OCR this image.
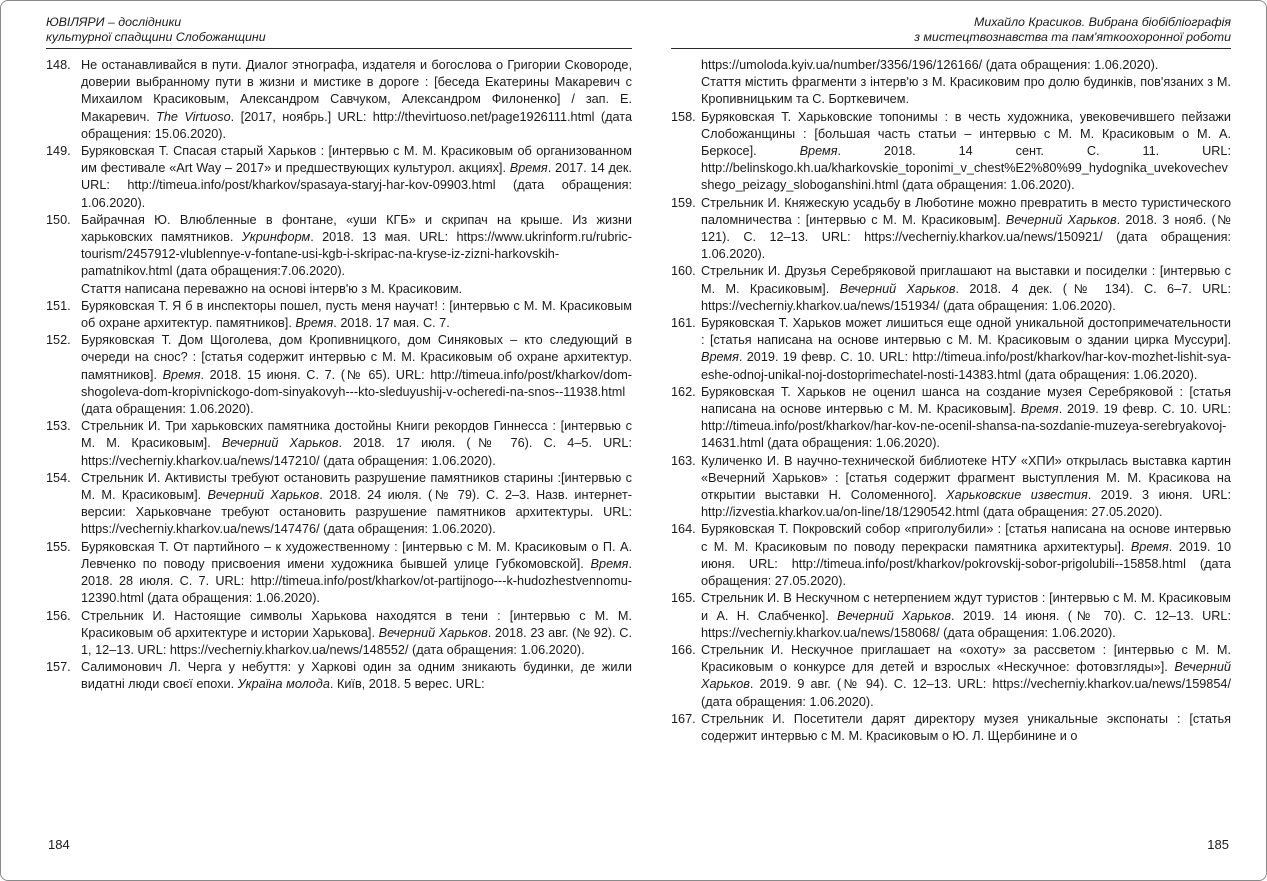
ЮВІЛЯРИ – дослідники
культурної спадщини Слобожанщини
148. Не останавливайся в пути. Диалог этнографа, издателя и богослова о Григории Сковороде, доверии выбранному пути в жизни и мистике в дороге : [беседа Екатерины Макаревич с Михаилом Красиковым, Александром Савчуком, Александром Филоненко] / зап. Е. Макаревич. The Virtuoso. [2017, ноябрь.] URL: http://thevirtuoso.net/page1926111.html (дата обращения: 15.06.2020).
149. Буряковская Т. Спасая старый Харьков : [интервью с М. М. Красиковым об организованном им фестивале «Art Way – 2017» и предшествующих культурол. акциях]. Время. 2017. 14 дек. URL: http://timeua.info/post/kharkov/spasaya-staryj-har-kov-09903.html (дата обращения: 1.06.2020).
150. Байрачная Ю. Влюбленные в фонтане, «уши КГБ» и скрипач на крыше. Из жизни харьковских памятников. Укринформ. 2018. 13 мая. URL: https://www.ukrinform.ru/rubric-tourism/2457912-vlublennye-v-fontane-usi-kgb-i-skripac-na-kryse-iz-zizni-harkovskih-pamatnikov.html (дата обращения:7.06.2020).
Стаття написана переважно на основі інтерв'ю з М. Красиковим.
151. Буряковская Т. Я б в инспекторы пошел, пусть меня научат! : [интервью с М. М. Красиковым об охране архитектур. памятников]. Время. 2018. 17 мая. С. 7.
152. Буряковская Т. Дом Щоголева, дом Кропивницкого, дом Синяковых – кто следующий в очереди на снос? : [статья содержит интервью с М. М. Красиковым об охране архитектур. памятников]. Время. 2018. 15 июня. С. 7. (№ 65). URL: http://timeua.info/post/kharkov/dom-shogoleva-dom-kropivnickogo-dom-sinyakovyh---kto-sleduyushij-v-ocheredi-na-snos--11938.html (дата обращения: 1.06.2020).
153. Стрельник И. Три харьковских памятника достойны Книги рекордов Гиннесса : [интервью с М. М. Красиковым]. Вечерний Харьков. 2018. 17 июля. (№ 76). С. 4–5. URL: https://vecherniy.kharkov.ua/news/147210/ (дата обращения: 1.06.2020).
154. Стрельник И. Активисты требуют остановить разрушение памятников старины :[интервью с М. М. Красиковым]. Вечерний Харьков. 2018. 24 июля. (№ 79). С. 2–3. Назв. интернет-версии: Харьковчане требуют остановить разрушение памятников архитектуры. URL: https://vecherniy.kharkov.ua/news/147476/ (дата обращения: 1.06.2020).
155. Буряковская Т. От партийного – к художественному : [интервью с М. М. Красиковым о П. А. Левченко по поводу присвоения имени художника бывшей улице Губкомовской]. Время. 2018. 28 июля. С. 7. URL: http://timeua.info/post/kharkov/ot-partijnogo---k-hudozhestvennomu-12390.html (дата обращения: 1.06.2020).
156. Стрельник И. Настоящие символы Харькова находятся в тени : [интервью с М. М. Красиковым об архитектуре и истории Харькова]. Вечерний Харьков. 2018. 23 авг. (№ 92). С. 1, 12–13. URL: https://vecherniy.kharkov.ua/news/148552/ (дата обращения: 1.06.2020).
157. Салимонович Л. Черга у небуття: у Харкові один за одним зникають будинки, де жили видатні люди своєї епохи. Україна молода. Київ, 2018. 5 верес. URL:
Михайло Красиков. Вибрана біобібліографія
з мистецтвознавства та пам'яткоохоронної роботи
https://umoloda.kyiv.ua/number/3356/196/126166/ (дата обращения: 1.06.2020).
Стаття містить фрагменти з інтерв'ю з М. Красиковим про долю будинків, пов'язаних з М. Кропивницьким та С. Борткевичем.
158. Буряковская Т. Харьковские топонимы : в честь художника, увековечившего пейзажи Слобожанщины : [большая часть статьи – интервью с М. М. Красиковым о М. А. Беркосе]. Время. 2018. 14 сент. С. 11. URL: http://belinskogo.kh.ua/kharkovskie_toponimi_v_chest%E2%80%99_hydognika_uvekovechevshego_peizagy_sloboganshini.html (дата обращения: 1.06.2020).
159. Стрельник И. Княжескую усадьбу в Люботине можно превратить в место туристического паломничества : [интервью с М. М. Красиковым]. Вечерний Харьков. 2018. 3 нояб. (№ 121). С. 12–13. URL: https://vecherniy.kharkov.ua/news/150921/ (дата обращения: 1.06.2020).
160. Стрельник И. Друзья Серебряковой приглашают на выставки и посиделки : [интервью с М. М. Красиковым]. Вечерний Харьков. 2018. 4 дек. (№ 134). С. 6–7. URL: https://vecherniy.kharkov.ua/news/151934/ (дата обращения: 1.06.2020).
161. Буряковская Т. Харьков может лишиться еще одной уникальной достопримечательности : [статья написана на основе интервью с М. М. Красиковым о здании цирка Муссури]. Время. 2019. 19 февр. С. 10. URL: http://timeua.info/post/kharkov/har-kov-mozhet-lishit-sya-eshe-odnoj-unikal-noj-dostoprimechatel-nosti-14383.html (дата обращения: 1.06.2020).
162. Буряковская Т. Харьков не оценил шанса на создание музея Серебряковой : [статья написана на основе интервью с М. М. Красиковым]. Время. 2019. 19 февр. С. 10. URL: http://timeua.info/post/kharkov/har-kov-ne-ocenil-shansa-na-sozdanie-muzeya-serebryakovoj-14631.html (дата обращения: 1.06.2020).
163. Куличенко И. В научно-технической библиотеке НТУ «ХПИ» открылась выставка картин «Вечерний Харьков» : [статья содержит фрагмент выступления М. М. Красикова на открытии выставки Н. Соломенного]. Харьковские известия. 2019. 3 июня. URL: http://izvestia.kharkov.ua/on-line/18/1290542.html (дата обращения: 27.05.2020).
164. Буряковская Т. Покровский собор «приголубили» : [статья написана на основе интервью с М. М. Красиковым по поводу перекраски памятника архитектуры]. Время. 2019. 10 июня. URL: http://timeua.info/post/kharkov/pokrovskij-sobor-prigolubili--15858.html (дата обращения: 27.05.2020).
165. Стрельник И. В Нескучном с нетерпением ждут туристов : [интервью с М. М. Красиковым и А. Н. Слабченко]. Вечерний Харьков. 2019. 14 июня. (№ 70). С. 12–13. URL: https://vecherniy.kharkov.ua/news/158068/ (дата обращения: 1.06.2020).
166. Стрельник И. Нескучное приглашает на «охоту» за рассветом : [интервью с М. М. Красиковым о конкурсе для детей и взрослых «Нескучное: фотовзгляды»]. Вечерний Харьков. 2019. 9 авг. (№ 94). С. 12–13. URL: https://vecherniy.kharkov.ua/news/159854/ (дата обращения: 1.06.2020).
167. Стрельник И. Посетители дарят директору музея уникальные экспонаты : [статья содержит интервью с М. М. Красиковым о Ю. Л. Щербинине и о
184	185
